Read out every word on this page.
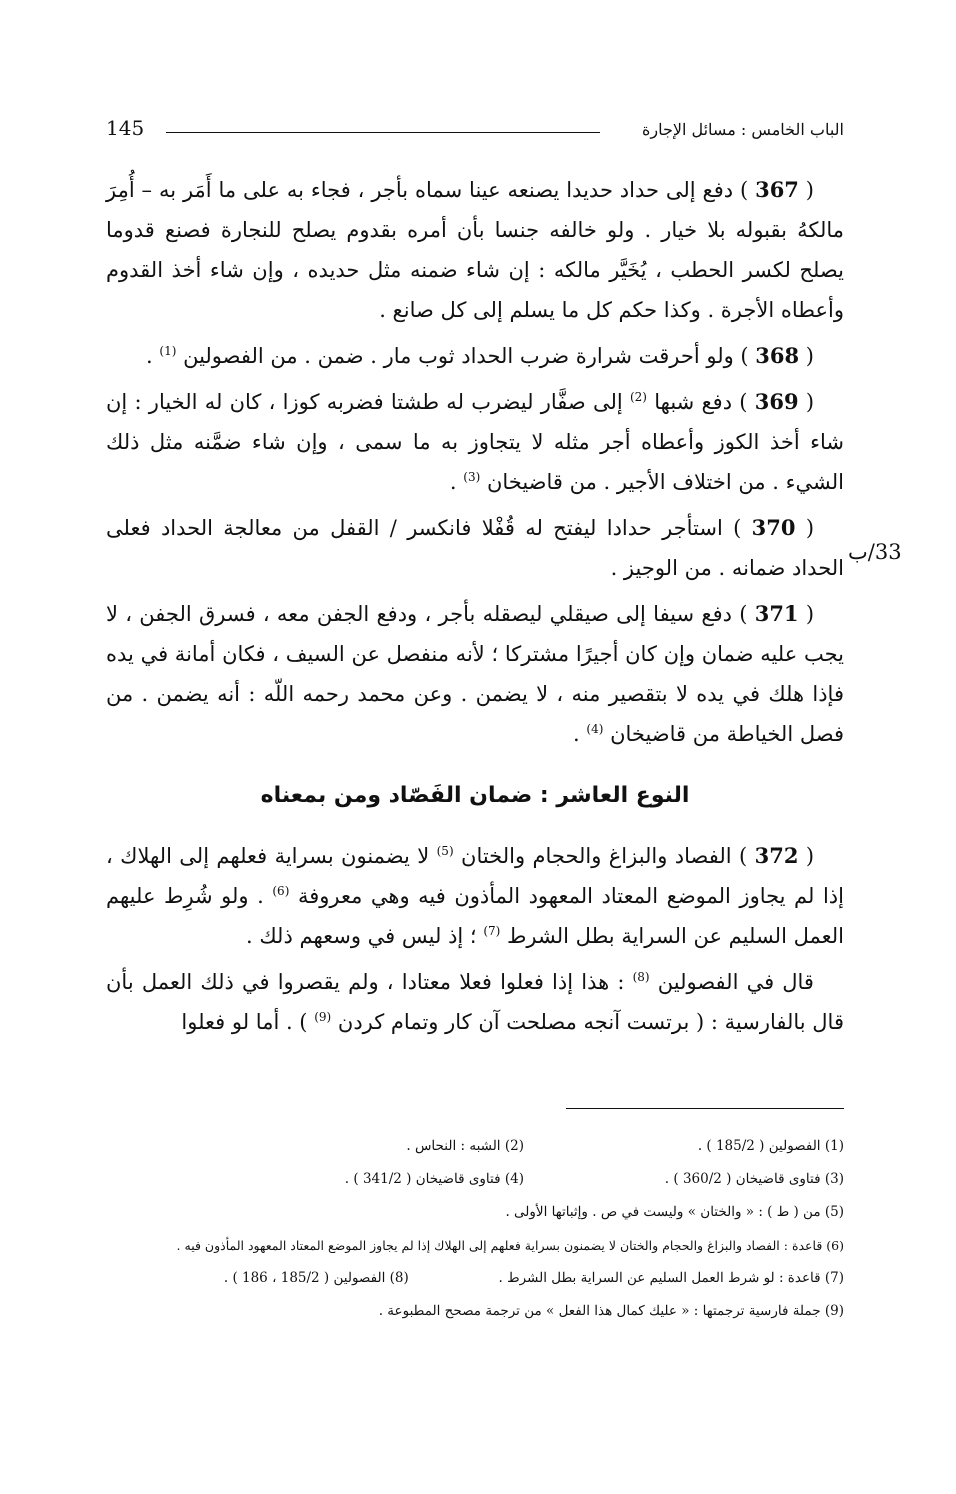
الباب الخامس : مسائل الإجارة
145
33/ب

( 367 ) دفع إلى حداد حديدا يصنعه عينا سماه بأجر ، فجاء به على ما أَمَر به – أُمِرَ مالكهُ بقبوله بلا خيار . ولو خالفه جنسا بأن أمره بقدوم يصلح للنجارة فصنع قدوما يصلح لكسر الحطب ، يُخَيَّر مالكه : إن شاء ضمنه مثل حديده ، وإن شاء أخذ القدوم وأعطاه الأجرة . وكذا حكم كل ما يسلم إلى كل صانع .

( 368 ) ولو أحرقت شرارة ضرب الحداد ثوب مار . ضمن . من الفصولين $^{(1)}$ .

( 369 ) دفع شبها $^{(2)}$ إلى صفَّار ليضرب له طشتا فضربه كوزا ، كان له الخيار : إن شاء أخذ الكوز وأعطاه أجر مثله لا يتجاوز به ما سمى ، وإن شاء ضمَّنه مثل ذلك الشيء . من اختلاف الأجير . من قاضيخان $^{(3)}$ .

( 370 ) استأجر حدادا ليفتح له قُفْلا فانكسر / القفل من معالجة الحداد فعلى الحداد ضمانه . من الوجيز .

( 371 ) دفع سيفا إلى صيقلي ليصقله بأجر ، ودفع الجفن معه ، فسرق الجفن ، لا يجب عليه ضمان وإن كان أجيرًا مشتركا ؛ لأنه منفصل عن السيف ، فكان أمانة في يده فإذا هلك في يده لا بتقصير منه ، لا يضمن . وعن محمد رحمه اللّه : أنه يضمن . من فصل الخياطة من قاضيخان $^{(4)}$ .

النوع العاشر : ضمان الفَصّاد ومن بمعناه

( 372 ) الفصاد والبزاغ والحجام والختان $^{(5)}$ لا يضمنون بسراية فعلهم إلى الهلاك ، إذا لم يجاوز الموضع المعتاد المعهود المأذون فيه وهي معروفة $^{(6)}$ . ولو شُرِط عليهم العمل السليم عن السراية بطل الشرط $^{(7)}$ ؛ إذ ليس في وسعهم ذلك .

قال في الفصولين $^{(8)}$ : هذا إذا فعلوا فعلا معتادا ، ولم يقصروا في ذلك العمل بأن قال بالفارسية : ( برتست آنجه مصلحت آن كار وتمام كردن $^{(9)}$ ) . أما لو فعلوا

(1) الفصولين ( 185/2 ) .
(2) الشبه : النحاس .
(3) فتاوى قاضيخان ( 360/2 ) .
(4) فتاوى قاضيخان ( 341/2 ) .
(5) من ( ط ) : « والختان » وليست في ص . وإثباتها الأولى .
(6) قاعدة : الفصاد والبزاغ والحجام والختان لا يضمنون بسراية فعلهم إلى الهلاك إذا لم يجاوز الموضع المعتاد المعهود المأذون فيه .
(7) قاعدة : لو شرط العمل السليم عن السراية بطل الشرط .
(8) الفصولين ( 185/2 ، 186 ) .
(9) جملة فارسية ترجمتها : « عليك كمال هذا الفعل » من ترجمة مصحح المطبوعة .
